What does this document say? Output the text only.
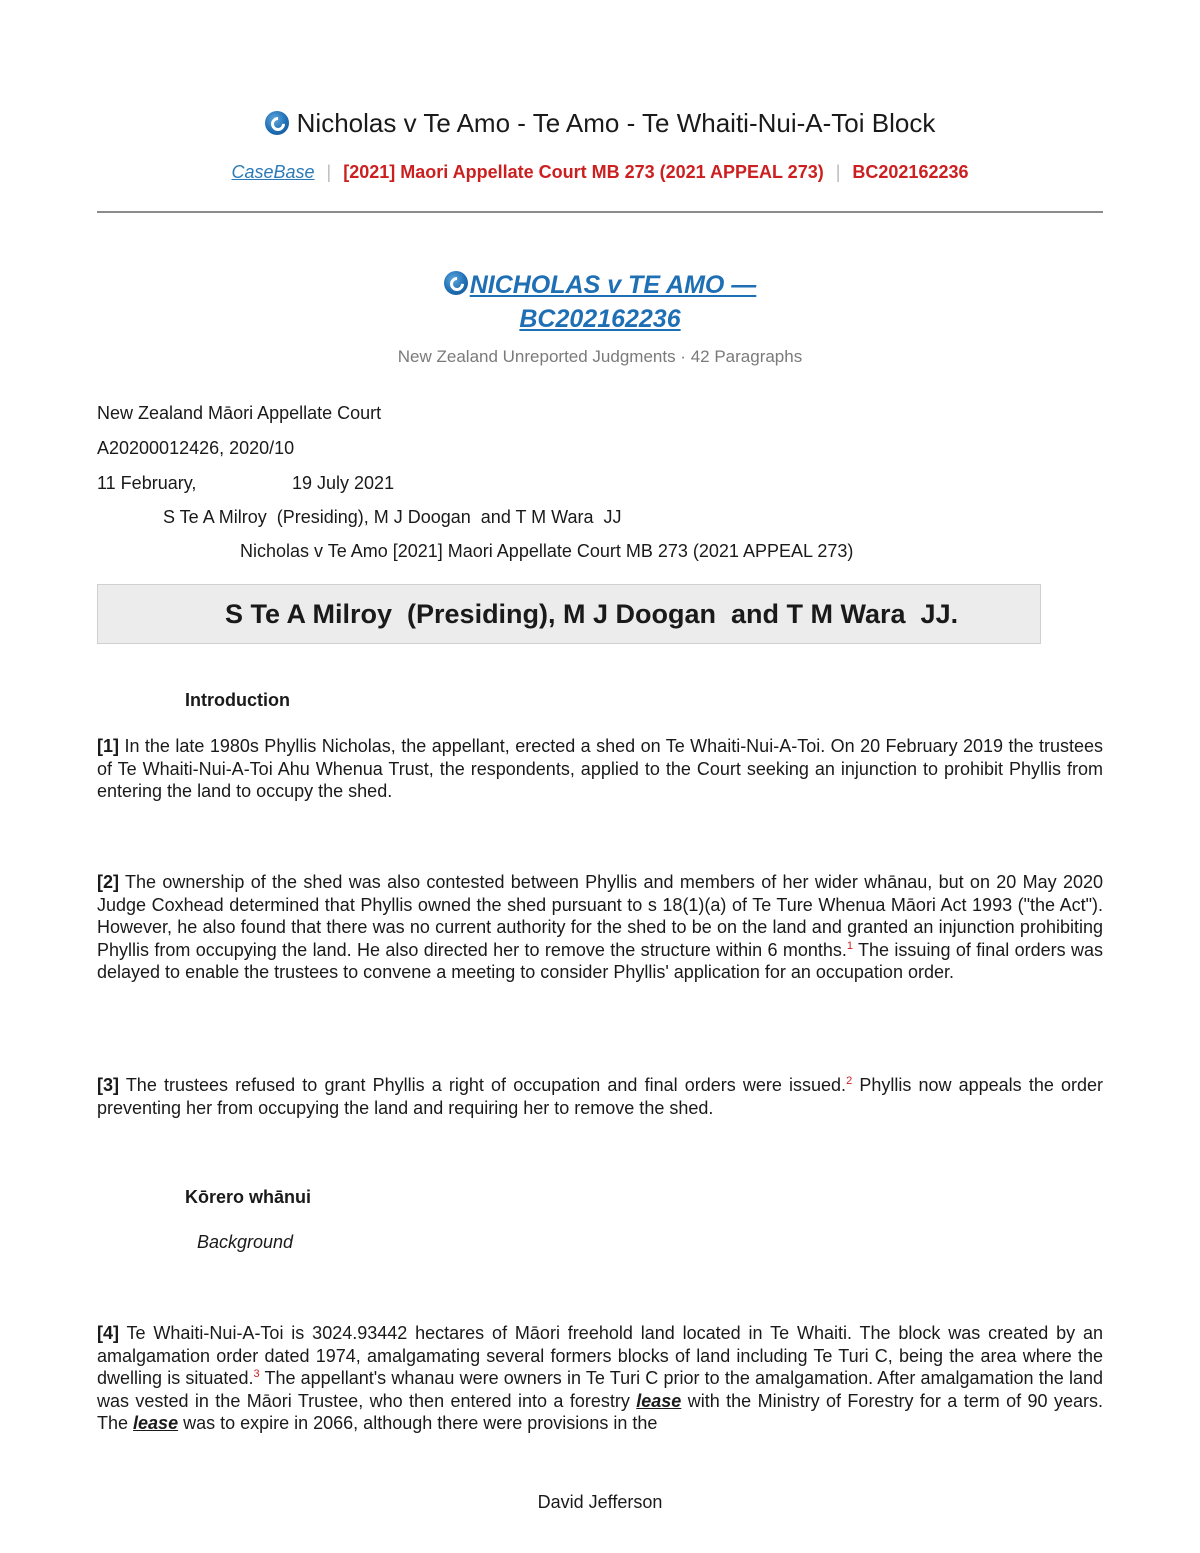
Nicholas v Te Amo - Te Amo - Te Whaiti-Nui-A-Toi Block
CaseBase | [2021] Maori Appellate Court MB 273 (2021 APPEAL 273) | BC202162236
NICHOLAS v TE AMO —
BC202162236
New Zealand Unreported Judgments · 42 Paragraphs
New Zealand Māori Appellate Court
A20200012426, 2020/10
11 February,	19 July 2021
S Te A Milroy  (Presiding), M J Doogan  and T M Wara  JJ
Nicholas v Te Amo [2021] Maori Appellate Court MB 273 (2021 APPEAL 273)
S Te A Milroy  (Presiding), M J Doogan  and T M Wara  JJ.
Introduction
[1] In the late 1980s Phyllis Nicholas, the appellant, erected a shed on Te Whaiti-Nui-A-Toi. On 20 February 2019 the trustees of Te Whaiti-Nui-A-Toi Ahu Whenua Trust, the respondents, applied to the Court seeking an injunction to prohibit Phyllis from entering the land to occupy the shed.
[2] The ownership of the shed was also contested between Phyllis and members of her wider whānau, but on 20 May 2020 Judge Coxhead determined that Phyllis owned the shed pursuant to s 18(1)(a) of Te Ture Whenua Māori Act 1993 ("the Act"). However, he also found that there was no current authority for the shed to be on the land and granted an injunction prohibiting Phyllis from occupying the land. He also directed her to remove the structure within 6 months.$^1$ The issuing of final orders was delayed to enable the trustees to convene a meeting to consider Phyllis' application for an occupation order.
[3] The trustees refused to grant Phyllis a right of occupation and final orders were issued.$^2$ Phyllis now appeals the order preventing her from occupying the land and requiring her to remove the shed.
Kōrero whānui
Background
[4] Te Whaiti-Nui-A-Toi is 3024.93442 hectares of Māori freehold land located in Te Whaiti. The block was created by an amalgamation order dated 1974, amalgamating several formers blocks of land including Te Turi C, being the area where the dwelling is situated.$^3$ The appellant's whanau were owners in Te Turi C prior to the amalgamation. After amalgamation the land was vested in the Māori Trustee, who then entered into a forestry lease with the Ministry of Forestry for a term of 90 years. The lease was to expire in 2066, although there were provisions in the
David Jefferson
